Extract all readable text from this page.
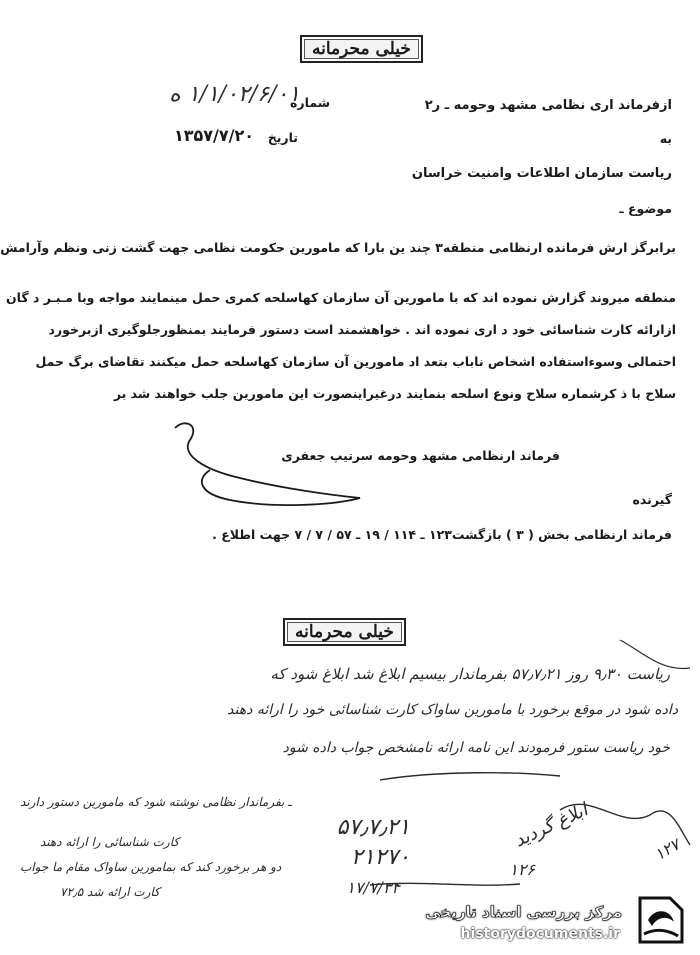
خیلی محرمانه
ازفرماند اری نظامی مشهد وحومه ـ ر۲
شماره
۱/۱/۰۲/۶/۰۱ ه
به
تاریخ
۱۳۵۷/۷/۲۰
ریاست سازمان اطلاعات وامنیت خراسان
موضوع ـ
برابرگز ارش فرمانده ارنظامی منطقه۳ چند ین بارا که مامورین حکومت نظامی جهت گشت زنی ونظم وآرامش
منطقه میروند گزارش نموده اند که با مامورین آن سازمان کهاسلحه کمری حمل مینمایند مواجه وبا مـبـر د گان
ازارائه کارت شناسائی خود د اری نموده اند . خواهشمند است دستور فرمایند بمنظورجلوگیری ازبرخورد
احتمالی وسوءاستفاده اشخاص ناباب بتعد اد مامورین آن سازمان کهاسلحه حمل میکنند تقاضای برگ حمل
سلاح با ذ کرشماره سلاح ونوع اسلحه بنمایند درغیراینصورت این مامورین جلب خواهند شد بر
فرماند ارنظامی مشهد وحومه سرتیپ جعفری
گیرنده
فرماند ارنظامی بخش ( ۳ ) بازگشت۱۲۳ ـ ۱۱۴ / ۱۹ ـ ۵۷ / ۷ / ۷ جهت اطلاع .
خیلی محرمانه
ریاست ۹٫۳۰ روز ۵۷٫۷٫۲۱ بفرماندار بیسیم ابلاغ شد ابلاغ شود که
داده شود در موقع برخورد با مامورین ساواک کارت شناسائی خود را ارائه دهند
خود ریاست ستور فرمودند این نامه ارائه نامشخص جواب داده شود
ـ بفرماندار نظامی نوشته شود که مامورین دستور دارند
کارت شناسائی را ارائه دهند
دو هر برخورد کند که بمامورین ساواک مقام ما جواب
کارت ارائه شد ۷۲٫۵
۵۷٫۷٫۲۱
۲۱۲۷۰
۱۷/۷/۳۴
ابلاغ گردید	۱۲۷
۱۲۶
مرکز بررسی اسناد تاریخی
historydocuments.ir
